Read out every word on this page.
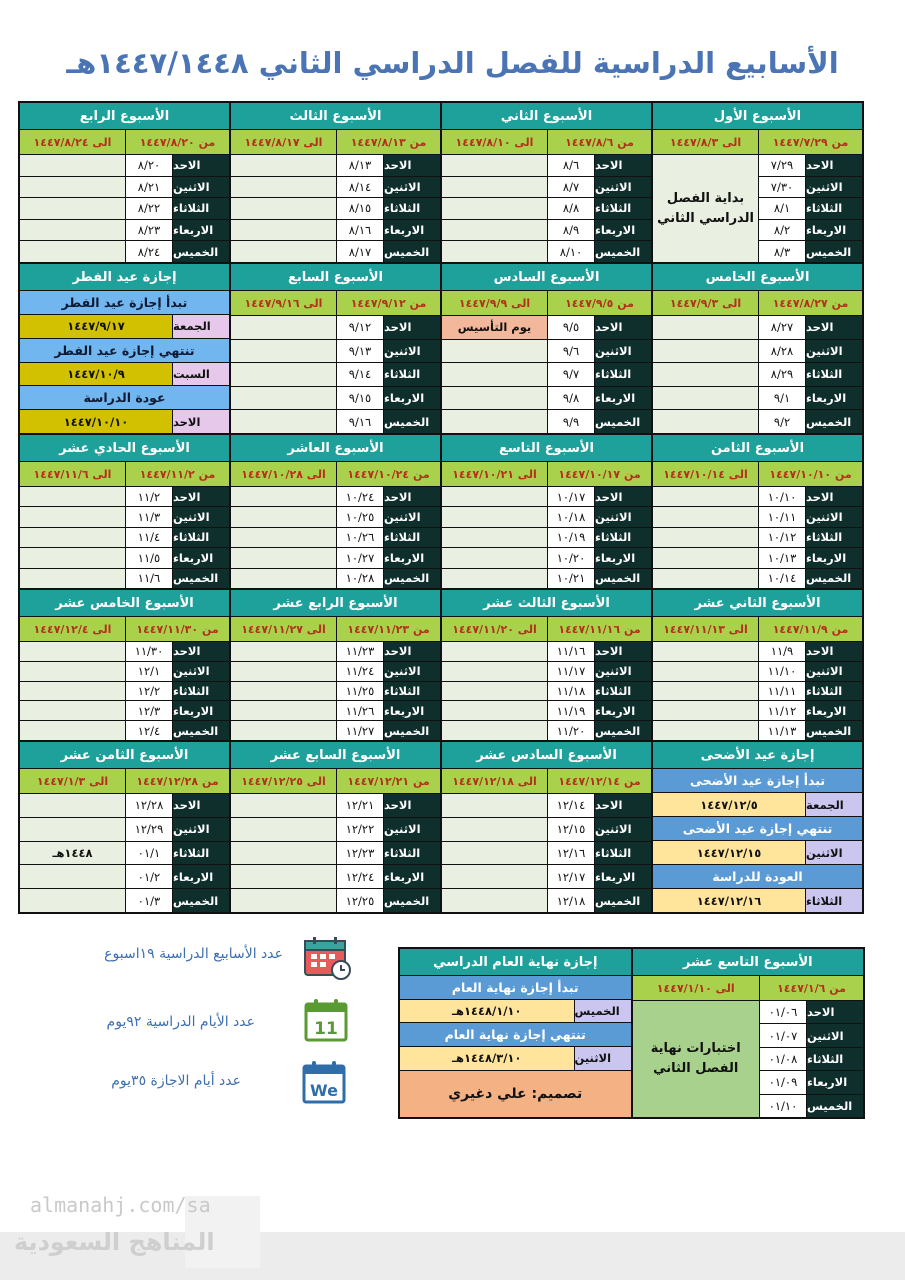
الأسابيع الدراسية للفصل الدراسي الثاني ١٤٤٧/١٤٤٨هـ
الأسبوع الأول
من ١٤٤٧/٧/٢٩
الى ١٤٤٧/٨/٣
الاحد
٧/٢٩
الاثنين
٧/٣٠
الثلاثاء
٨/١
الاربعاء
٨/٢
الخميس
٨/٣
بداية الفصل الدراسي الثاني
الأسبوع الثاني
من ١٤٤٧/٨/٦
الى ١٤٤٧/٨/١٠
الاحد
٨/٦
الاثنين
٨/٧
الثلاثاء
٨/٨
الاربعاء
٨/٩
الخميس
٨/١٠
الأسبوع الثالث
من ١٤٤٧/٨/١٣
الى ١٤٤٧/٨/١٧
الاحد
٨/١٣
الاثنين
٨/١٤
الثلاثاء
٨/١٥
الاربعاء
٨/١٦
الخميس
٨/١٧
الأسبوع الرابع
من ١٤٤٧/٨/٢٠
الى ١٤٤٧/٨/٢٤
الاحد
٨/٢٠
الاثنين
٨/٢١
الثلاثاء
٨/٢٢
الاربعاء
٨/٢٣
الخميس
٨/٢٤
الأسبوع الخامس
من ١٤٤٧/٨/٢٧
الى ١٤٤٧/٩/٣
الاحد
٨/٢٧
الاثنين
٨/٢٨
الثلاثاء
٨/٢٩
الاربعاء
٩/١
الخميس
٩/٢
الأسبوع السادس
من ١٤٤٧/٩/٥
الى ١٤٤٧/٩/٩
الاحد
٩/٥
يوم التأسيس
الاثنين
٩/٦
الثلاثاء
٩/٧
الاربعاء
٩/٨
الخميس
٩/٩
الأسبوع السابع
من ١٤٤٧/٩/١٢
الى ١٤٤٧/٩/١٦
الاحد
٩/١٢
الاثنين
٩/١٣
الثلاثاء
٩/١٤
الاربعاء
٩/١٥
الخميس
٩/١٦
إجازة عيد الفطر
تبدأ إجازة عيد الفطر
الجمعة
١٤٤٧/٩/١٧
تنتهي إجازة عيد الفطر
السبت
١٤٤٧/١٠/٩
عودة الدراسة
الاحد
١٤٤٧/١٠/١٠
الأسبوع الثامن
من ١٤٤٧/١٠/١٠
الى ١٤٤٧/١٠/١٤
الاحد
١٠/١٠
الاثنين
١٠/١١
الثلاثاء
١٠/١٢
الاربعاء
١٠/١٣
الخميس
١٠/١٤
الأسبوع التاسع
من ١٤٤٧/١٠/١٧
الى ١٤٤٧/١٠/٢١
الاحد
١٠/١٧
الاثنين
١٠/١٨
الثلاثاء
١٠/١٩
الاربعاء
١٠/٢٠
الخميس
١٠/٢١
الأسبوع العاشر
من ١٤٤٧/١٠/٢٤
الى ١٤٤٧/١٠/٢٨
الاحد
١٠/٢٤
الاثنين
١٠/٢٥
الثلاثاء
١٠/٢٦
الاربعاء
١٠/٢٧
الخميس
١٠/٢٨
الأسبوع الحادي عشر
من ١٤٤٧/١١/٢
الى ١٤٤٧/١١/٦
الاحد
١١/٢
الاثنين
١١/٣
الثلاثاء
١١/٤
الاربعاء
١١/٥
الخميس
١١/٦
الأسبوع الثاني عشر
من ١٤٤٧/١١/٩
الى ١٤٤٧/١١/١٣
الاحد
١١/٩
الاثنين
١١/١٠
الثلاثاء
١١/١١
الاربعاء
١١/١٢
الخميس
١١/١٣
الأسبوع الثالث عشر
من ١٤٤٧/١١/١٦
الى ١٤٤٧/١١/٢٠
الاحد
١١/١٦
الاثنين
١١/١٧
الثلاثاء
١١/١٨
الاربعاء
١١/١٩
الخميس
١١/٢٠
الأسبوع الرابع عشر
من ١٤٤٧/١١/٢٣
الى ١٤٤٧/١١/٢٧
الاحد
١١/٢٣
الاثنين
١١/٢٤
الثلاثاء
١١/٢٥
الاربعاء
١١/٢٦
الخميس
١١/٢٧
الأسبوع الخامس عشر
من ١٤٤٧/١١/٣٠
الى ١٤٤٧/١٢/٤
الاحد
١١/٣٠
الاثنين
١٢/١
الثلاثاء
١٢/٢
الاربعاء
١٢/٣
الخميس
١٢/٤
إجازة عيد الأضحى
تبدأ إجازة عيد الأضحى
الجمعة
١٤٤٧/١٢/٥
تنتهي إجازة عيد الأضحى
الاثنين
١٤٤٧/١٢/١٥
العودة للدراسة
الثلاثاء
١٤٤٧/١٢/١٦
الأسبوع السادس عشر
من ١٤٤٧/١٢/١٤
الى ١٤٤٧/١٢/١٨
الاحد
١٢/١٤
الاثنين
١٢/١٥
الثلاثاء
١٢/١٦
الاربعاء
١٢/١٧
الخميس
١٢/١٨
الأسبوع السابع عشر
من ١٤٤٧/١٢/٢١
الى ١٤٤٧/١٢/٢٥
الاحد
١٢/٢١
الاثنين
١٢/٢٢
الثلاثاء
١٢/٢٣
الاربعاء
١٢/٢٤
الخميس
١٢/٢٥
الأسبوع الثامن عشر
من ١٤٤٧/١٢/٢٨
الى ١٤٤٧/١/٣
الاحد
١٢/٢٨
الاثنين
١٢/٢٩
الثلاثاء
٠١/١
١٤٤٨هـ
الاربعاء
٠١/٢
الخميس
٠١/٣
الأسبوع التاسع عشر
من ١٤٤٧/١/٦
الى ١٤٤٧/١/١٠
الاحد
٠١/٠٦
الاثنين
٠١/٠٧
الثلاثاء
٠١/٠٨
الاربعاء
٠١/٠٩
الخميس
٠١/١٠
اختبارات نهاية الفصل الثاني
إجازة نهاية العام الدراسي
تبدأ إجازة نهاية العام
الخميس
١٤٤٨/١/١٠هـ
تنتهي إجازة نهاية العام
الاثنين
١٤٤٨/٣/١٠هـ
تصميم: علي دغيري
11
We
عدد الأسابيع الدراسية ١٩اسبوع
عدد الأيام الدراسية ٩٢يوم
عدد أيام الاجازة ٣٥يوم
almanahj.com/sa
المناهج السعودية
